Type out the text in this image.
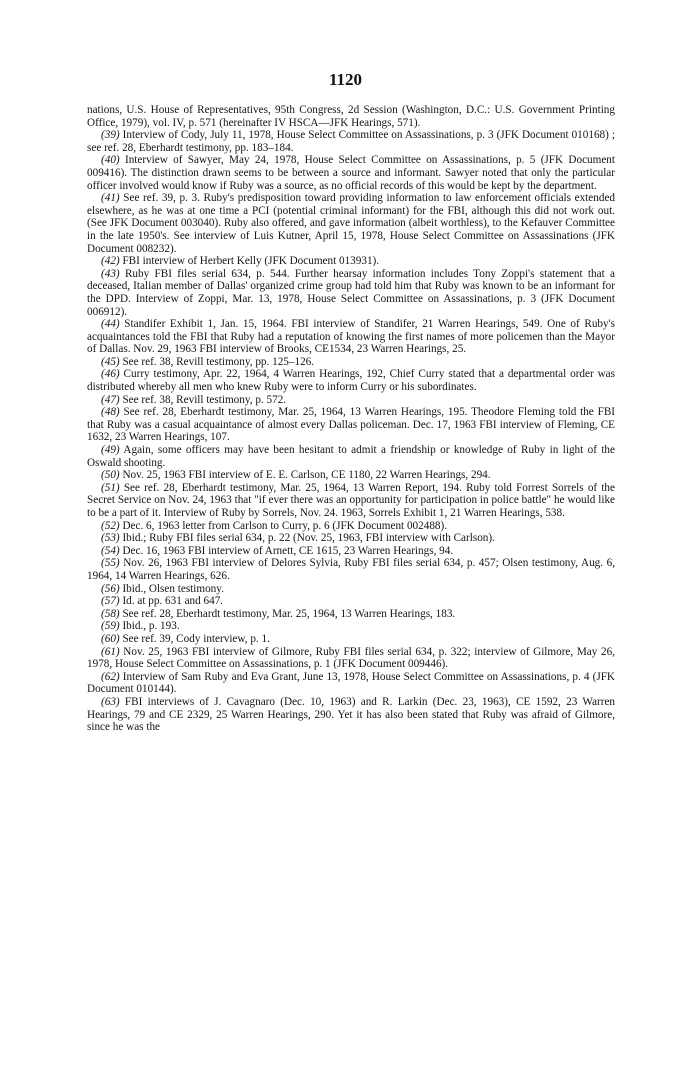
1120

nations, U.S. House of Representatives, 95th Congress, 2d Session (Washington, D.C.: U.S. Government Printing Office, 1979), vol. IV, p. 571 (hereinafter IV HSCA—JFK Hearings, 571).

(39) Interview of Cody, July 11, 1978, House Select Committee on Assassinations, p. 3 (JFK Document 010168) ; see ref. 28, Eberhardt testimony, pp. 183–184.

(40) Interview of Sawyer, May 24, 1978, House Select Committee on Assassinations, p. 5 (JFK Document 009416). The distinction drawn seems to be between a source and informant. Sawyer noted that only the particular officer involved would know if Ruby was a source, as no official records of this would be kept by the department.

(41) See ref. 39, p. 3. Ruby's predisposition toward providing information to law enforcement officials extended elsewhere, as he was at one time a PCI (potential criminal informant) for the FBI, although this did not work out. (See JFK Document 003040). Ruby also offered, and gave information (albeit worthless), to the Kefauver Committee in the late 1950's. See interview of Luis Kutner, April 15, 1978, House Select Committee on Assassinations (JFK Document 008232).

(42) FBI interview of Herbert Kelly (JFK Document 013931).

(43) Ruby FBI files serial 634, p. 544. Further hearsay information includes Tony Zoppi's statement that a deceased, Italian member of Dallas' organized crime group had told him that Ruby was known to be an informant for the DPD. Interview of Zoppi, Mar. 13, 1978, House Select Committee on Assassinations, p. 3 (JFK Document 006912).

(44) Standifer Exhibit 1, Jan. 15, 1964. FBI interview of Standifer, 21 Warren Hearings, 549. One of Ruby's acquaintances told the FBI that Ruby had a reputation of knowing the first names of more policemen than the Mayor of Dallas. Nov. 29, 1963 FBI interview of Brooks, CE1534, 23 Warren Hearings, 25.

(45) See ref. 38, Revill testimony, pp. 125–126.

(46) Curry testimony, Apr. 22, 1964, 4 Warren Hearings, 192, Chief Curry stated that a departmental order was distributed whereby all men who knew Ruby were to inform Curry or his subordinates.

(47) See ref. 38, Revill testimony, p. 572.

(48) See ref. 28, Eberhardt testimony, Mar. 25, 1964, 13 Warren Hearings, 195. Theodore Fleming told the FBI that Ruby was a casual acquaintance of almost every Dallas policeman. Dec. 17, 1963 FBI interview of Fleming, CE 1632, 23 Warren Hearings, 107.

(49) Again, some officers may have been hesitant to admit a friendship or knowledge of Ruby in light of the Oswald shooting.

(50) Nov. 25, 1963 FBI interview of E. E. Carlson, CE 1180, 22 Warren Hearings, 294.

(51) See ref. 28, Eberhardt testimony, Mar. 25, 1964, 13 Warren Report, 194. Ruby told Forrest Sorrels of the Secret Service on Nov. 24, 1963 that "if ever there was an opportunity for participation in police battle" he would like to be a part of it. Interview of Ruby by Sorrels, Nov. 24. 1963, Sorrels Exhibit 1, 21 Warren Hearings, 538.

(52) Dec. 6, 1963 letter from Carlson to Curry, p. 6 (JFK Document 002488).

(53) Ibid.; Ruby FBI files serial 634, p. 22 (Nov. 25, 1963, FBI interview with Carlson).

(54) Dec. 16, 1963 FBI interview of Arnett, CE 1615, 23 Warren Hearings, 94.

(55) Nov. 26, 1963 FBI interview of Delores Sylvia, Ruby FBI files serial 634, p. 457; Olsen testimony, Aug. 6, 1964, 14 Warren Hearings, 626.

(56) Ibid., Olsen testimony.

(57) Id. at pp. 631 and 647.

(58) See ref. 28, Eberhardt testimony, Mar. 25, 1964, 13 Warren Hearings, 183.

(59) Ibid., p. 193.

(60) See ref. 39, Cody interview, p. 1.

(61) Nov. 25, 1963 FBI interview of Gilmore, Ruby FBI files serial 634, p. 322; interview of Gilmore, May 26, 1978, House Select Committee on Assassinations, p. 1 (JFK Document 009446).

(62) Interview of Sam Ruby and Eva Grant, June 13, 1978, House Select Committee on Assassinations, p. 4 (JFK Document 010144).

(63) FBI interviews of J. Cavagnaro (Dec. 10, 1963) and R. Larkin (Dec. 23, 1963), CE 1592, 23 Warren Hearings, 79 and CE 2329, 25 Warren Hearings, 290. Yet it has also been stated that Ruby was afraid of Gilmore, since he was the
